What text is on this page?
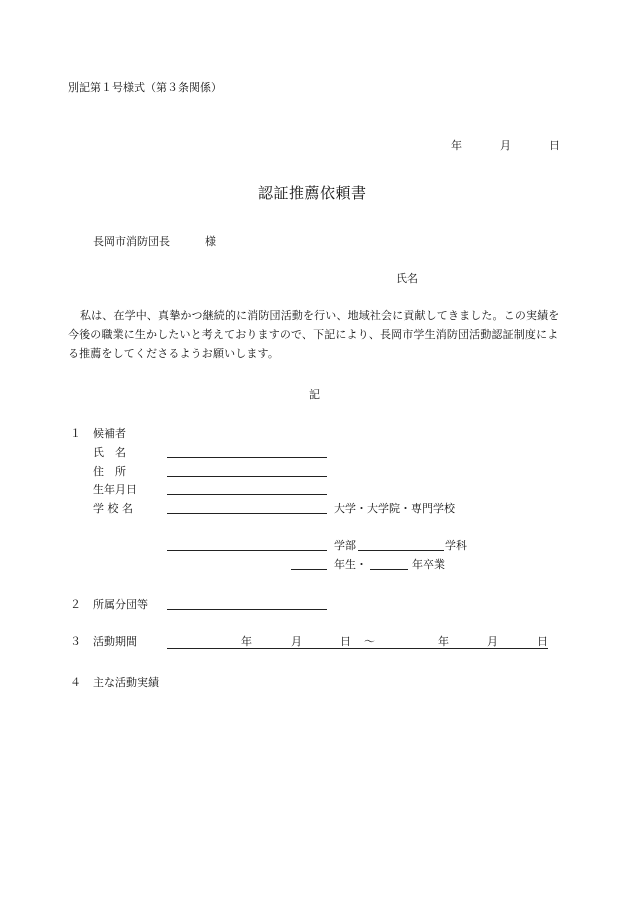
別記第１号様式（第３条関係）
年	月	日
認証推薦依頼書
長岡市消防団長	様
氏名
私は、在学中、真摯かつ継続的に消防団活動を行い、地域社会に貢献してきました。この実績を今後の職業に生かしたいと考えておりますので、下記により、長岡市学生消防団活動認証制度による推薦をしてくださるようお願いします。
記
１ 候補者
氏　名
住　所
生年月日
学 校 名	大学・大学院・専門学校
学部	学科
年生・	年卒業
２ 所属分団等
３ 活動期間	年	月	日 ～	年	月	日
４ 主な活動実績
